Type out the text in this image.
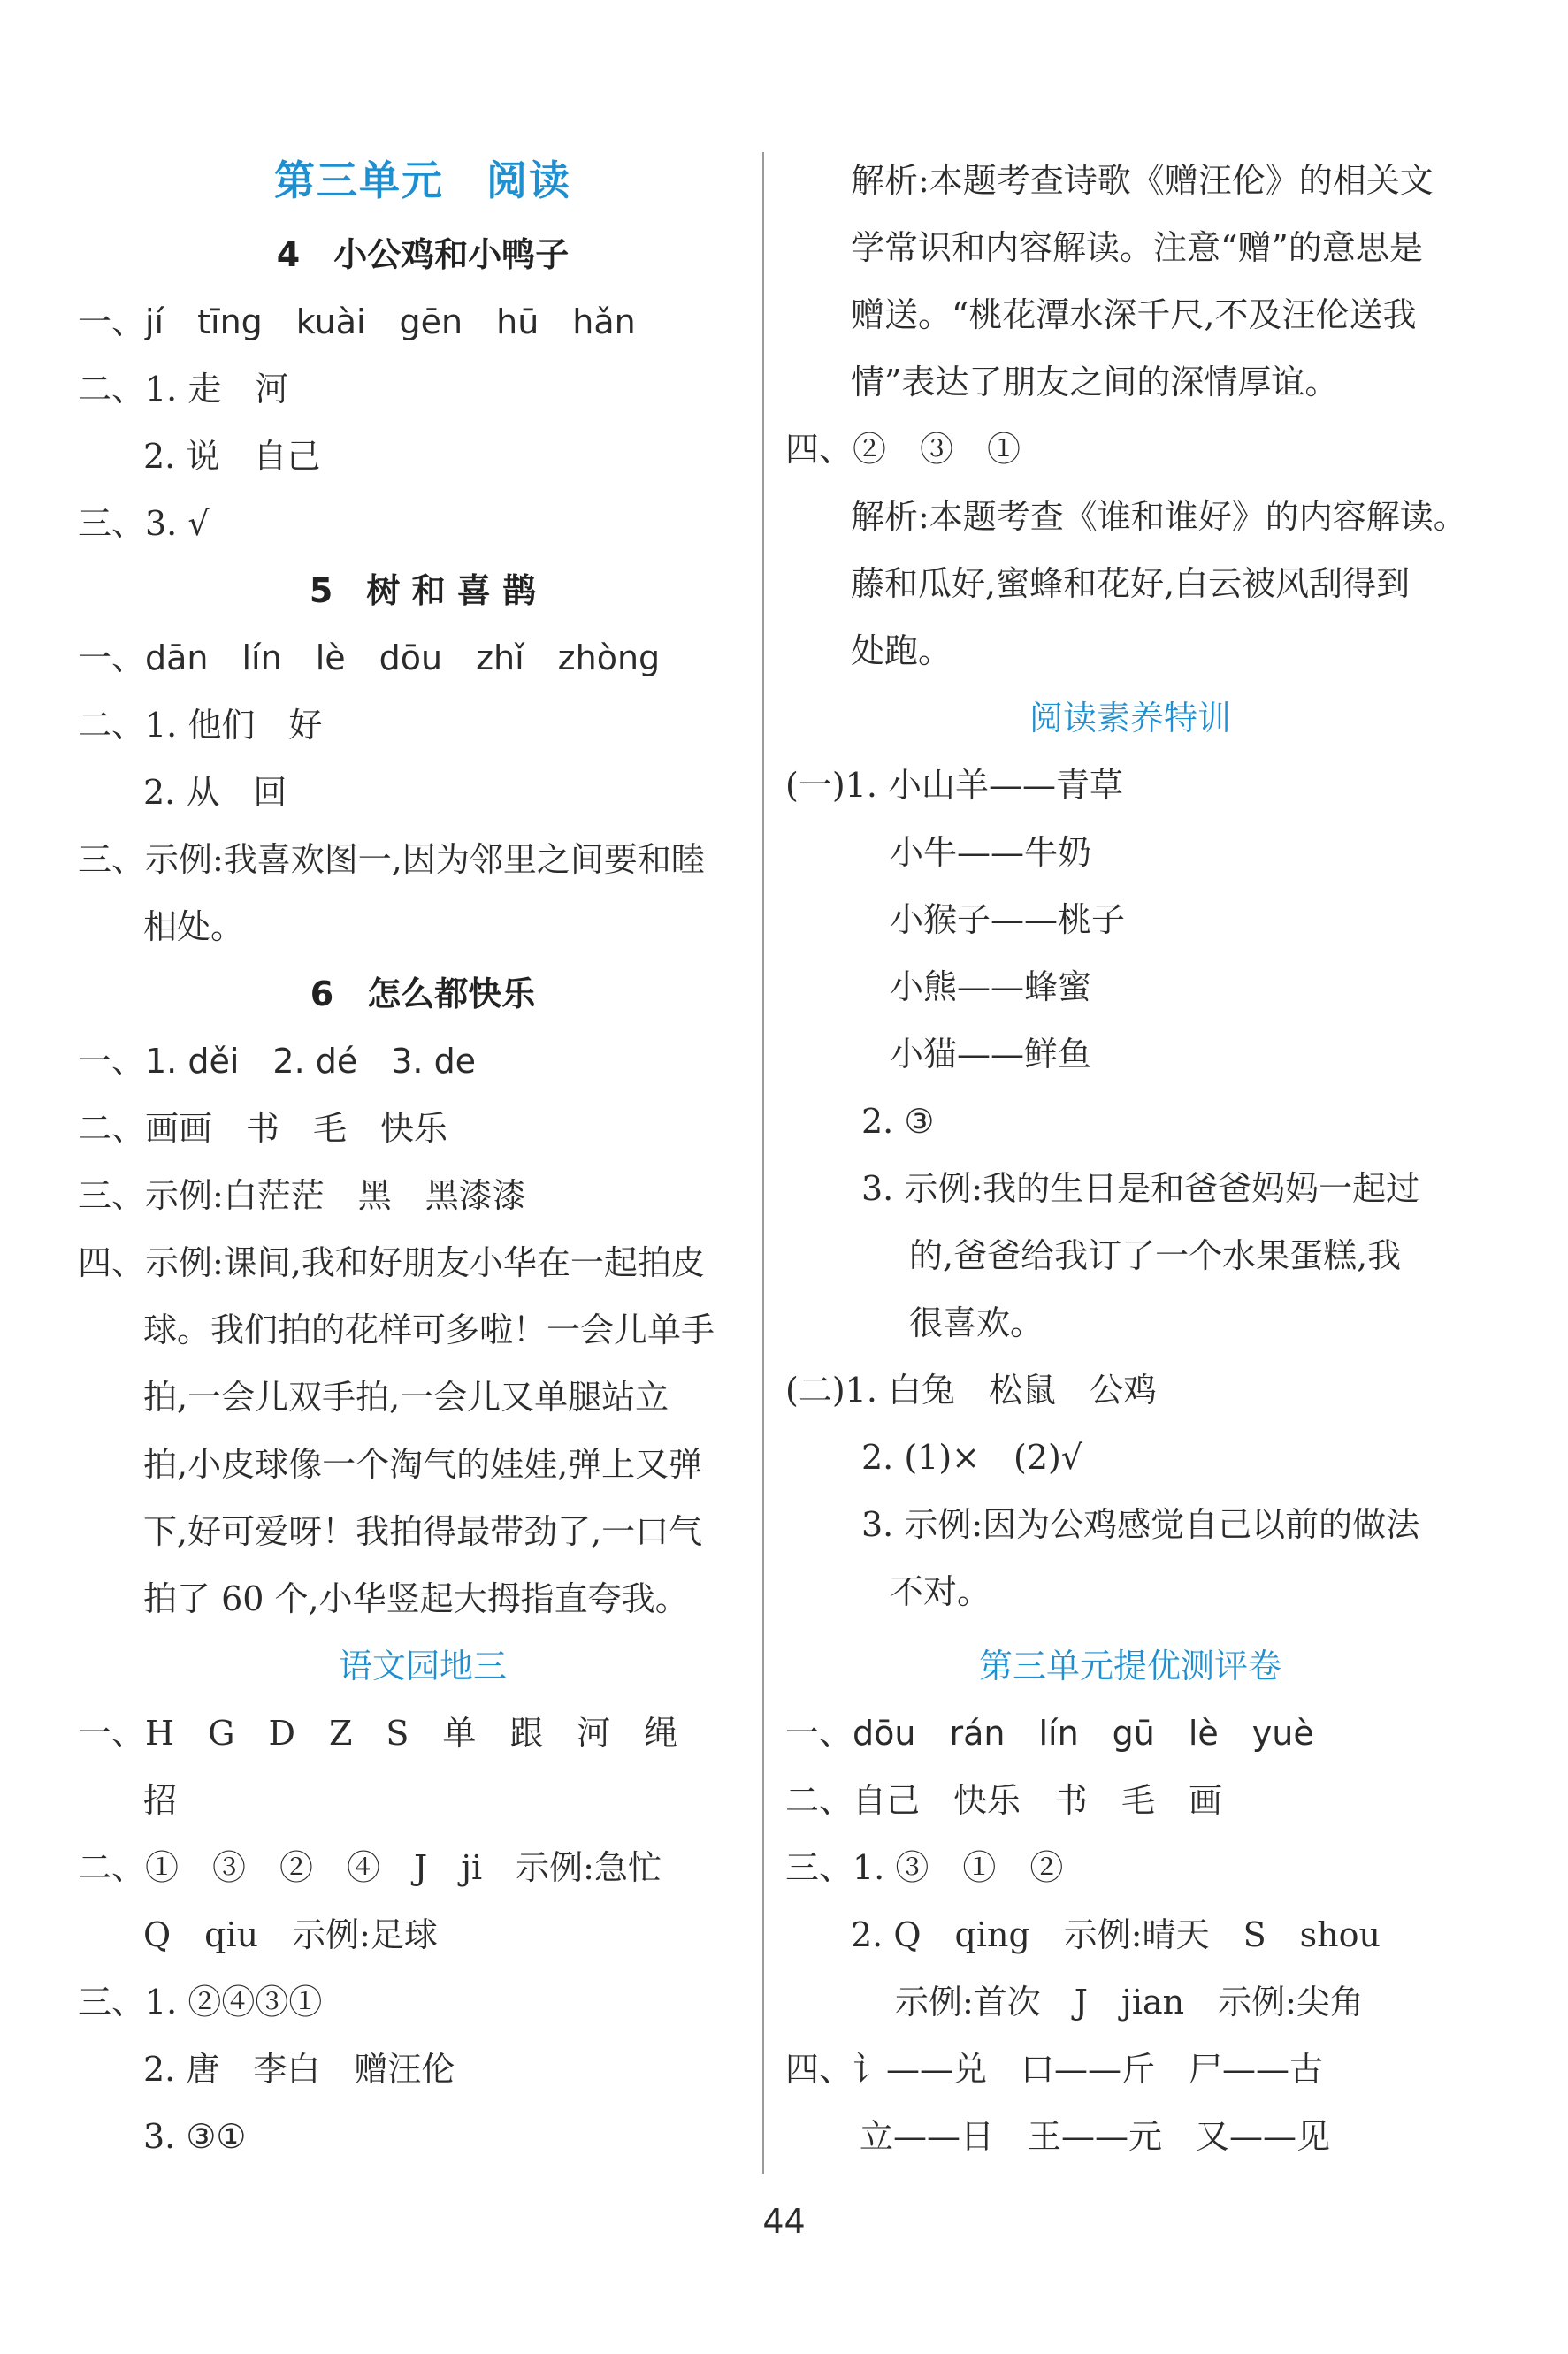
第三单元　阅读
4　小公鸡和小鸭子
一、jí　tīng　kuài　gēn　hū　hǎn
二、1. 走　河
2. 说　自己
三、3. √
5　树 和 喜 鹊
一、dān　lín　lè　dōu　zhǐ　zhòng
二、1. 他们　好
2. 从　回
三、示例:我喜欢图一,因为邻里之间要和睦
相处。
6　怎么都快乐
一、1. děi　2. dé　3. de
二、画画　书　毛　快乐
三、示例:白茫茫　黑　黑漆漆
四、示例:课间,我和好朋友小华在一起拍皮
球。我们拍的花样可多啦！一会儿单手
拍,一会儿双手拍,一会儿又单腿站立
拍,小皮球像一个淘气的娃娃,弹上又弹
下,好可爱呀！我拍得最带劲了,一口气
拍了 60 个,小华竖起大拇指直夸我。
语文园地三
一、H　G　D　Z　S　单　跟　河　绳
招
二、①　③　②　④　J　ji　示例:急忙
Q　qiu　示例:足球
三、1. ②④③①
2. 唐　李白　赠汪伦
3. ③①
解析:本题考查诗歌《赠汪伦》的相关文
学常识和内容解读。注意“赠”的意思是
赠送。“桃花潭水深千尺,不及汪伦送我
情”表达了朋友之间的深情厚谊。
四、②　③　①
解析:本题考查《谁和谁好》的内容解读。
藤和瓜好,蜜蜂和花好,白云被风刮得到
处跑。
阅读素养特训
(一)1. 小山羊——青草
小牛——牛奶
小猴子——桃子
小熊——蜂蜜
小猫——鲜鱼
2. ③
3. 示例:我的生日是和爸爸妈妈一起过
的,爸爸给我订了一个水果蛋糕,我
很喜欢。
(二)1. 白兔　松鼠　公鸡
2. (1)×　(2)√
3. 示例:因为公鸡感觉自己以前的做法
不对。
第三单元提优测评卷
一、dōu　rán　lín　gū　lè　yuè
二、自己　快乐　书　毛　画
三、1. ③　①　②
2. Q　qing　示例:晴天　S　shou
示例:首次　J　jian　示例:尖角
四、讠——兑　口——斤　尸——古
立——日　王——元　又——见
44
